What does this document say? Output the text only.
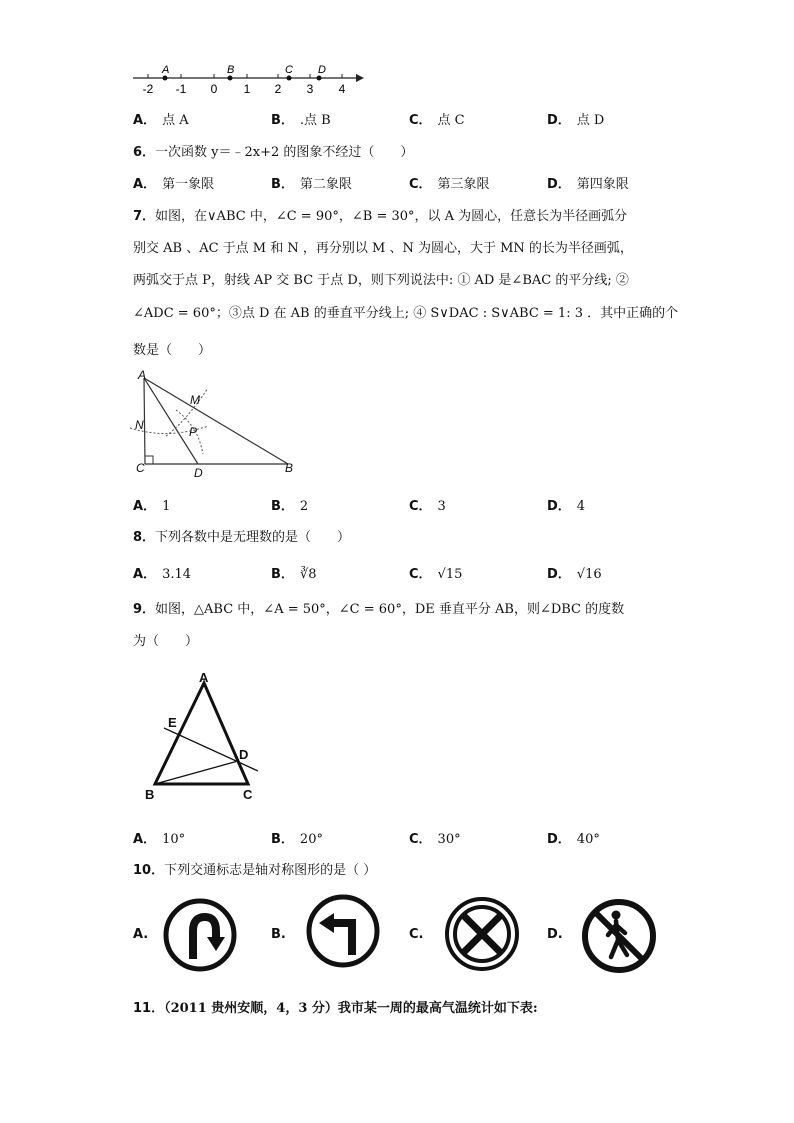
A	B	C D
-2 -1 0 1 2 3 4
A． 点 A	B． .点 B	C． 点 C	D． 点 D
6．一次函数 y＝﹣2x+2 的图象不经过（　　）
A． 第一象限	B． 第二象限	C． 第三象限	D． 第四象限
7．如图，在∨ABC 中，∠C = 90°，∠B = 30°，以 A 为圆心，任意长为半径画弧分
别交 AB 、AC 于点 M 和 N ，再分别以 M 、N 为圆心，大于 MN 的长为半径画弧，
两弧交于点 P，射线 AP 交 BC 于点 D，则下列说法中: ① AD 是∠BAC 的平分线; ②
∠ADC = 60°；③点 D 在 AB 的垂直平分线上; ④ S∨DAC : S∨ABC = 1: 3 ．其中正确的个
数是（　　）
A
M
N	P
C	D	B
A． 1	B． 2	C． 3	D． 4
8．下列各数中是无理数的是（　　）
A． 3.14	B． ∛8	C． √15	D． √16
9．如图，△ABC 中，∠A = 50°，∠C = 60°，DE 垂直平分 AB，则∠DBC 的度数
为（　　）
A
E
D
B	C
A． 10°	B． 20°	C． 30°	D． 40°
10．下列交通标志是轴对称图形的是（ ）
A.	B.	C.	D.
11．（2011 贵州安顺，4，3 分）我市某一周的最高气温统计如下表:
